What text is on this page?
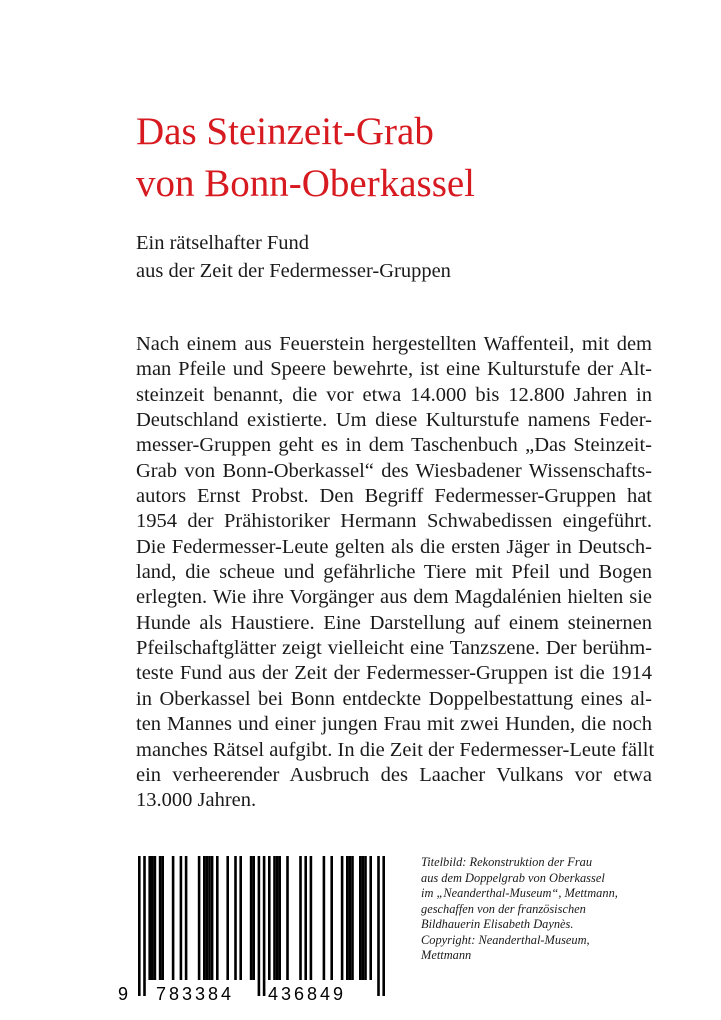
Das Steinzeit-Grab
von Bonn-Oberkassel
Ein rätselhafter Fund
aus der Zeit der Federmesser-Gruppen
Nach einem aus Feuerstein hergestellten Waffenteil, mit dem
man Pfeile und Speere bewehrte, ist eine Kulturstufe der Alt-
steinzeit benannt, die vor etwa 14.000 bis 12.800 Jahren in
Deutschland existierte. Um diese Kulturstufe namens Feder-
messer-Gruppen geht es in dem Taschenbuch „Das Steinzeit-
Grab von Bonn-Oberkassel“ des Wiesbadener Wissenschafts-
autors Ernst Probst. Den Begriff Federmesser-Gruppen hat
1954 der Prähistoriker Hermann Schwabedissen eingeführt.
Die Federmesser-Leute gelten als die ersten Jäger in Deutsch-
land, die scheue und gefährliche Tiere mit Pfeil und Bogen
erlegten. Wie ihre Vorgänger aus dem Magdalénien hielten sie
Hunde als Haustiere. Eine Darstellung auf einem steinernen
Pfeilschaftglätter zeigt vielleicht eine Tanzszene. Der berühm-
teste Fund aus der Zeit der Federmesser-Gruppen ist die 1914
in Oberkassel bei Bonn entdeckte Doppelbestattung eines al-
ten Mannes und einer jungen Frau mit zwei Hunden, die noch
manches Rätsel aufgibt. In die Zeit der Federmesser-Leute fällt
ein verheerender Ausbruch des Laacher Vulkans vor etwa
13.000 Jahren.
9 783384 436849
Titelbild: Rekonstruktion der Frau
aus dem Doppelgrab von Oberkassel
im „Neanderthal-Museum“, Mettmann,
geschaffen von der französischen
Bildhauerin Elisabeth Daynès.
Copyright: Neanderthal-Museum,
Mettmann
